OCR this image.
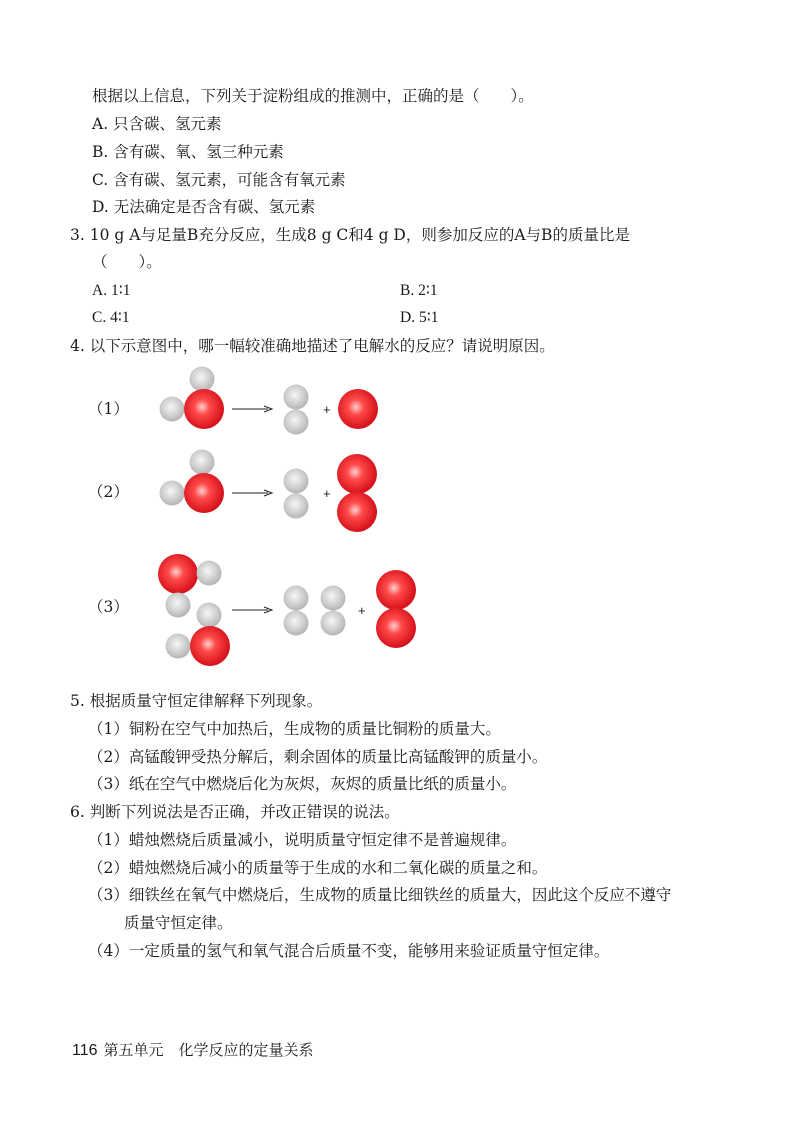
根据以上信息，下列关于淀粉组成的推测中，正确的是（　　）。
A. 只含碳、氢元素
B. 含有碳、氧、氢三种元素
C. 含有碳、氢元素，可能含有氧元素
D. 无法确定是否含有碳、氢元素
3. 10 g A与足量B充分反应，生成8 g C和4 g D，则参加反应的A与B的质量比是
（　　）。
A. 1∶1	B. 2∶1
C. 4∶1	D. 5∶1
4. 以下示意图中，哪一幅较准确地描述了电解水的反应？请说明原因。
（1）
（2）
（3）
+
+
+
5. 根据质量守恒定律解释下列现象。
（1）铜粉在空气中加热后，生成物的质量比铜粉的质量大。
（2）高锰酸钾受热分解后，剩余固体的质量比高锰酸钾的质量小。
（3）纸在空气中燃烧后化为灰烬，灰烬的质量比纸的质量小。
6. 判断下列说法是否正确，并改正错误的说法。
（1）蜡烛燃烧后质量减小，说明质量守恒定律不是普遍规律。
（2）蜡烛燃烧后减小的质量等于生成的水和二氧化碳的质量之和。
（3）细铁丝在氧气中燃烧后，生成物的质量比细铁丝的质量大，因此这个反应不遵守
质量守恒定律。
（4）一定质量的氢气和氧气混合后质量不变，能够用来验证质量守恒定律。
116 第五单元　化学反应的定量关系
